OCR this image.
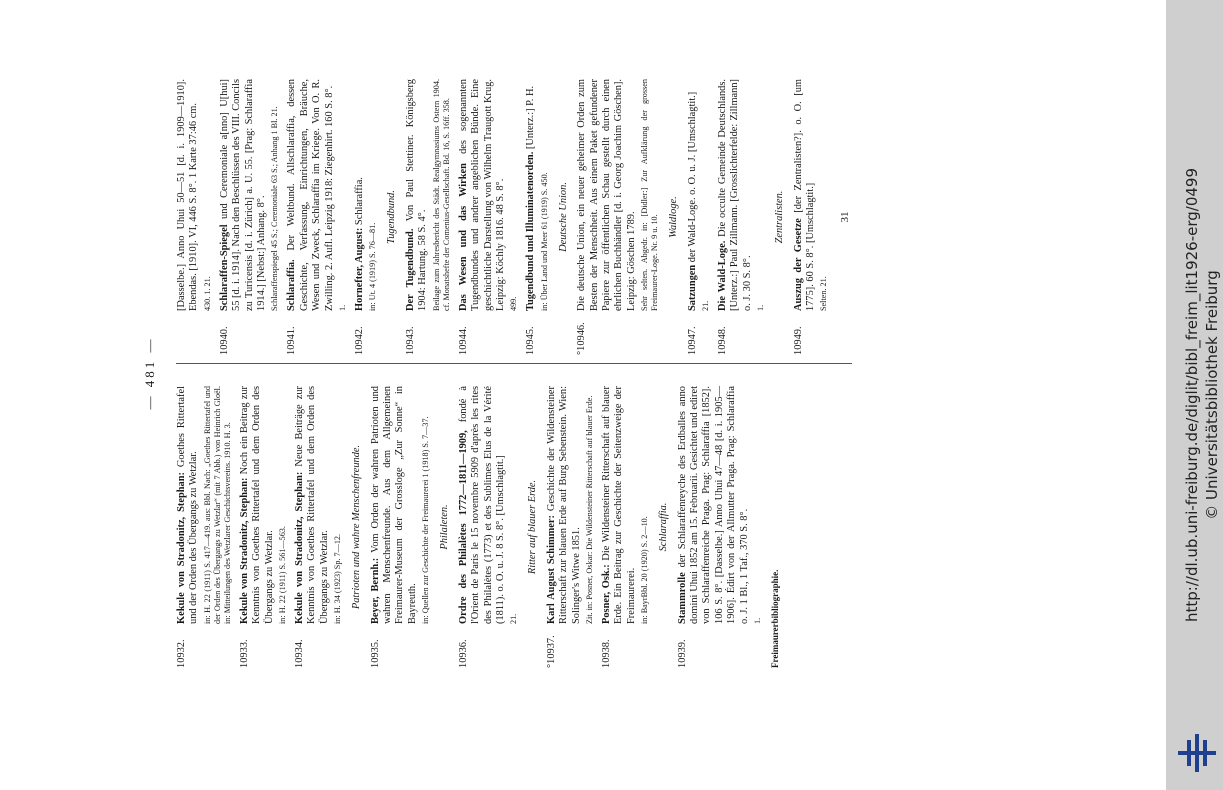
— 481 —
10932.
Kekule von Stradonitz, Stephan: Goethes Rittertafel und der Orden des Übergangs zu Wetzlar. in: H. 22 (1911) S. 417—419. aus: Bbl. Nach: „Goethes Rittertafel und der Orden des Übergangs zu Wetzlar“ (mit 7 Abb.) von Heinrich Gloël. in: Mitteilungen des Wetzlarer Geschichtsvereins. 1910. H. 3.
10933.
Kekule von Stradonitz, Stephan: Noch ein Beitrag zur Kenntnis von Goethes Rittertafel und dem Orden des Übergangs zu Wetzlar. in: H. 22 (1911) S. 561—563.
10934.
Kekule von Stradonitz, Stephan: Neue Beiträge zur Kenntnis von Goethes Rittertafel und dem Orden des Übergangs zu Wetzlar. in: H. 34 (1923) Sp. 7—12. Patrioten und wahre Menschenfreunde.
10935.
Beyer, Bernh.: Vom Orden der wahren Patrioten und wahren Menschenfreunde. Aus dem Allgemeinen Freimaurer-Museum der Grossloge „Zur Sonne“ in Bayreuth. in: Quellen zur Geschichte der Freimaurerei 1 (1918) S. 7—37. Philaleten.
10936.
Ordre des Philalètes 1772—1811—1909, fondé à l'Orient de Paris le 15 novembre 5909 d'après les rites des Philalètes (1773) et des Sublimes Elus de la Vérité (1811). o. O. u. J. 8 S. 8°. [Umschlagtit.] 21.
Ritter auf blauer Erde.
°10937.
Karl August Schimmer: Geschichte der Wildensteiner Ritterschaft zur blauen Erde auf Burg Sebenstein. Wien: Solinger's Witwe 1851. Zit. in: Posner, Oskar: Die Wildensteiner Ritterschaft auf blauer Erde.
10938.
Posner, Osk.: Die Wildensteiner Ritterschaft auf blauer Erde. Ein Beitrag zur Geschichte der Seitenzweige der Freimaurerei. in: BayrBbl. 20 (1920) S. 2—10. Schlaraffia.
10939.
Stammrolle der Schlaraffenreyche des Erdballes anno domini Uhui 1852 am 15. Februarii. Gesichtet und ediret von Schlaraffenreiche Praga. Prag: Schlaraffia [1852]. 106 S. 8°. [Dasselbe.] Anno Uhui 47—48 [d. i. 1905—1906]. Édirt von der Allmutter Praga. Prag: Schlaraffia o. J. 1 Bl., 1 Taf., 370 S. 8°. 1. Freimaurerbibliographie.
[Dasselbe.] Anno Uhui 50—51 [d. i. 1909—1910]. Ebendas. [1910]. VI, 446 S. 8°. 1 Karte 37:46 cm. 430. 1. 21.
10940.
Schlaraffen-Spiegel und Ceremoniale a[nno] U[hui] 55 [d. i. 1914]. Nach den Beschlüssen des VIII. Concils zu Turicensis [d. i. Zürich] a. U. 55. [Prag: Schlaraffia 1914.] [Nebst:] Anhang. 8°. Schlaraffenspiegel 45 S.; Ceremoniale 63 S.; Anhang 1 Bl. 21.
10941.
Schlaraffia. Der Weltbund. Allschlaraffia, dessen Geschichte, Verfassung, Einrichtungen, Bräuche, Wesen und Zweck, Schlaraffia im Kriege. Von O. R. Zwilling. 2. Aufl. Leipzig 1918: Ziegenhirt. 160 S. 8°. 1.
10942.
Hornefter, August: Schlaraffia.
in: Ut. 4 (1919) S. 76—81.
Tugendbund.
10943.
Der Tugendbund. Von Paul Stettiner. Königsberg 1904: Hartung. 58 S. 4°. Beilage zum Jahresbericht des Städt. Realgymnasiums Ostern 1904. cf. Monatshefte der Comenius-Gesellschaft. Bd. 16, S. 16ff. 358.
10944.
Das Wesen und das Wirken des sogenannten Tugendbundes und andrer angeblichen Bünde. Eine geschichtliche Darstellung von Wilhelm Traugott Krug. Leipzig: Köchly 1816. 48 S. 8°. 499.
10945.
Tugendbund und Illuminatenorden. [Unterz.:] P. H.
in: Über Land und Meer 61 (1919) S. 450. Deutsche Union.
°10946.
Die deutsche Union, ein neuer geheimer Orden zum Besten der Menschheit. Aus einem Paket gefundener Papiere zur öffentlichen Schau gestellt durch einen ehrlichen Buchhändler [d. i. Georg Joachim Göschen]. Leipzig: Göschen 1789. Sehr selten. Abgedr. in: [Didler:] Zur Aufklärung der grossen Freimaurer-Loge. Nr. 9 u. 10. Waldloge.
10947.
Satzungen der Wald-Loge. o. O. u. J. [Umschlagtit.]
21.
10948.
Die Wald-Loge. Die occulte Gemeinde Deutschlands. [Unterz.:] Paul Zillmann. [Grosslichterfelde: Zillmann] o. J. 30 S. 8°. 1.
Zentralisten.
10949.
Auszug der Gesetze [der Zentralisten?]. o. O. [um 1775]. 60 S. 8°. [Umschlagtit.] Selten. 21.
31	http://dl.ub.uni-freiburg.de/diglit/bibl_freim_lit1926-erg/0499 © Universitätsbibliothek Freiburg
